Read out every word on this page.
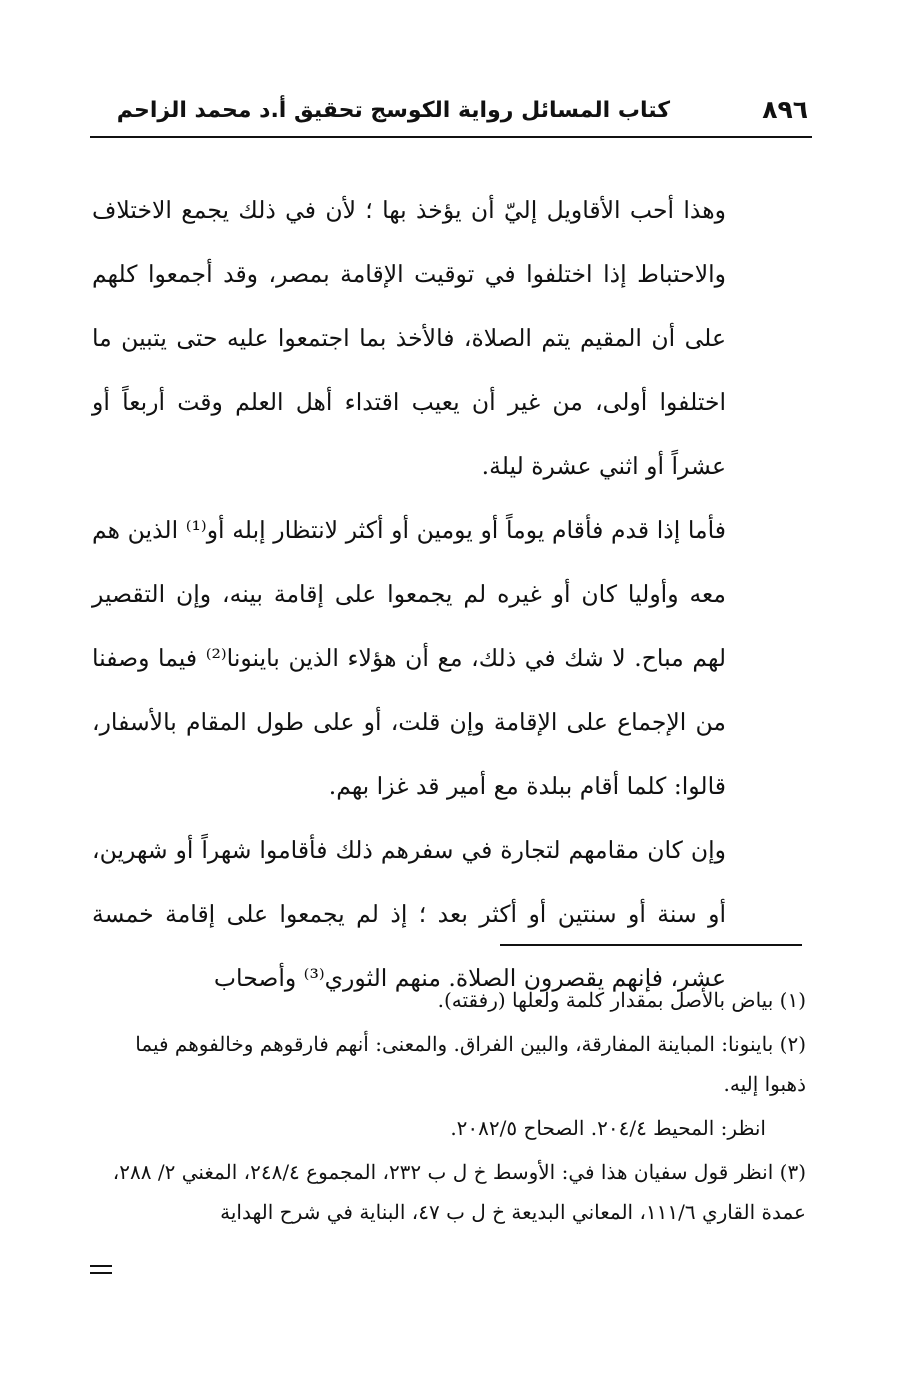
٨٩٦
كتاب المسائل رواية الكوسج تحقيق أ.د محمد الزاحم

وهذا أحب الأقاويل إليّ أن يؤخذ بها ؛ لأن في ذلك يجمع الاختلاف والاحتباط إذا اختلفوا في توقيت الإقامة بمصر، وقد أجمعوا كلهم على أن المقيم يتم الصلاة، فالأخذ بما اجتمعوا عليه حتى يتبين ما اختلفوا أولى، من غير أن يعيب اقتداء أهل العلم وقت أربعاً أو عشراً أو اثني عشرة ليلة.

فأما إذا قدم فأقام يوماً أو يومين أو أكثر لانتظار إبله أو⁽¹⁾ الذين هم معه وأوليا كان أو غيره لم يجمعوا على إقامة بينه، وإن التقصير لهم مباح. لا شك في ذلك، مع أن هؤلاء الذين باينونا⁽²⁾ فيما وصفنا من الإجماع على الإقامة وإن قلت، أو على طول المقام بالأسفار، قالوا: كلما أقام ببلدة مع أمير قد غزا بهم.

وإن كان مقامهم لتجارة في سفرهم ذلك فأقاموا شهراً أو شهرين، أو سنة أو سنتين أو أكثر بعد ؛ إذ لم يجمعوا على إقامة خمسة عشر، فإنهم يقصرون الصلاة. منهم الثوري⁽³⁾ وأصحاب

(١) بياض بالأصل بمقدار كلمة ولعلها (رفقته).

(٢) باينونا: المباينة المفارقة، والبين الفراق. والمعنى: أنهم فارقوهم وخالفوهم فيما ذهبوا إليه.

انظر: المحيط ٢٠٤/٤. الصحاح ٢٠٨٢/٥.

(٣) انظر قول سفيان هذا في: الأوسط خ ل ب ٢٣٢، المجموع ٢٤٨/٤، المغني ٢/ ٢٨٨، عمدة القاري ١١١/٦، المعاني البديعة خ ل ب ٤٧، البناية في شرح الهداية
